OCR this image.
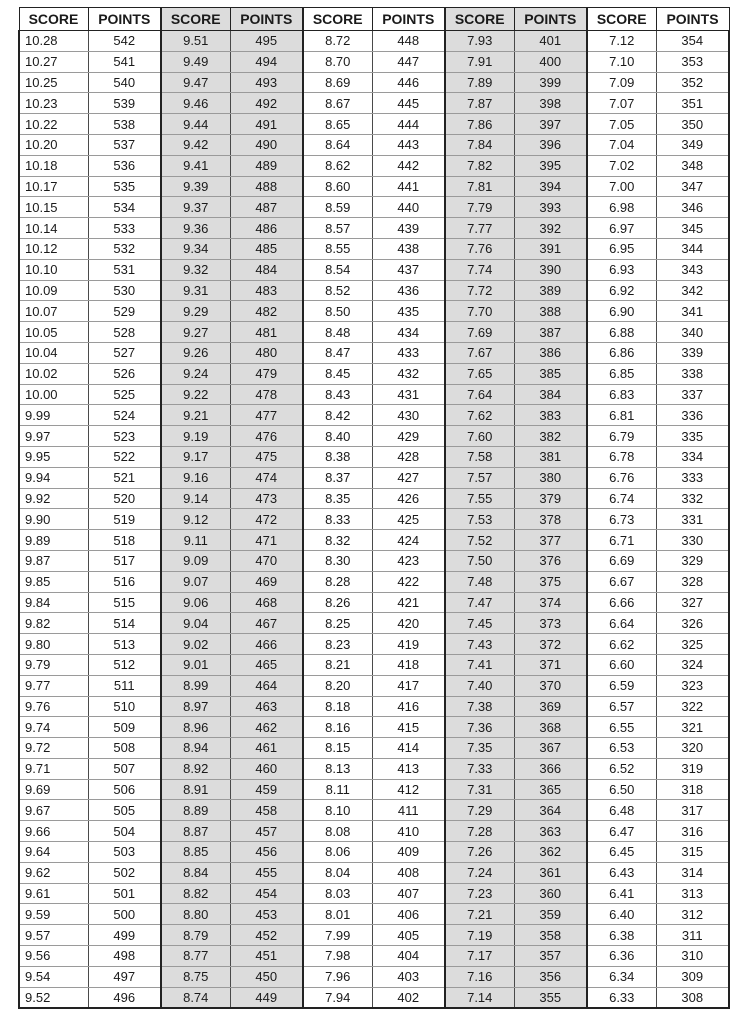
SCORE	POINTS	SCORE	POINTS	SCORE	POINTS	SCORE	POINTS	SCORE	POINTS
10.28	542	9.51	495	8.72	448	7.93	401	7.12	354
10.27	541	9.49	494	8.70	447	7.91	400	7.10	353
10.25	540	9.47	493	8.69	446	7.89	399	7.09	352
10.23	539	9.46	492	8.67	445	7.87	398	7.07	351
10.22	538	9.44	491	8.65	444	7.86	397	7.05	350
10.20	537	9.42	490	8.64	443	7.84	396	7.04	349
10.18	536	9.41	489	8.62	442	7.82	395	7.02	348
10.17	535	9.39	488	8.60	441	7.81	394	7.00	347
10.15	534	9.37	487	8.59	440	7.79	393	6.98	346
10.14	533	9.36	486	8.57	439	7.77	392	6.97	345
10.12	532	9.34	485	8.55	438	7.76	391	6.95	344
10.10	531	9.32	484	8.54	437	7.74	390	6.93	343
10.09	530	9.31	483	8.52	436	7.72	389	6.92	342
10.07	529	9.29	482	8.50	435	7.70	388	6.90	341
10.05	528	9.27	481	8.48	434	7.69	387	6.88	340
10.04	527	9.26	480	8.47	433	7.67	386	6.86	339
10.02	526	9.24	479	8.45	432	7.65	385	6.85	338
10.00	525	9.22	478	8.43	431	7.64	384	6.83	337
9.99	524	9.21	477	8.42	430	7.62	383	6.81	336
9.97	523	9.19	476	8.40	429	7.60	382	6.79	335
9.95	522	9.17	475	8.38	428	7.58	381	6.78	334
9.94	521	9.16	474	8.37	427	7.57	380	6.76	333
9.92	520	9.14	473	8.35	426	7.55	379	6.74	332
9.90	519	9.12	472	8.33	425	7.53	378	6.73	331
9.89	518	9.11	471	8.32	424	7.52	377	6.71	330
9.87	517	9.09	470	8.30	423	7.50	376	6.69	329
9.85	516	9.07	469	8.28	422	7.48	375	6.67	328
9.84	515	9.06	468	8.26	421	7.47	374	6.66	327
9.82	514	9.04	467	8.25	420	7.45	373	6.64	326
9.80	513	9.02	466	8.23	419	7.43	372	6.62	325
9.79	512	9.01	465	8.21	418	7.41	371	6.60	324
9.77	511	8.99	464	8.20	417	7.40	370	6.59	323
9.76	510	8.97	463	8.18	416	7.38	369	6.57	322
9.74	509	8.96	462	8.16	415	7.36	368	6.55	321
9.72	508	8.94	461	8.15	414	7.35	367	6.53	320
9.71	507	8.92	460	8.13	413	7.33	366	6.52	319
9.69	506	8.91	459	8.11	412	7.31	365	6.50	318
9.67	505	8.89	458	8.10	411	7.29	364	6.48	317
9.66	504	8.87	457	8.08	410	7.28	363	6.47	316
9.64	503	8.85	456	8.06	409	7.26	362	6.45	315
9.62	502	8.84	455	8.04	408	7.24	361	6.43	314
9.61	501	8.82	454	8.03	407	7.23	360	6.41	313
9.59	500	8.80	453	8.01	406	7.21	359	6.40	312
9.57	499	8.79	452	7.99	405	7.19	358	6.38	311
9.56	498	8.77	451	7.98	404	7.17	357	6.36	310
9.54	497	8.75	450	7.96	403	7.16	356	6.34	309
9.52	496	8.74	449	7.94	402	7.14	355	6.33	308
